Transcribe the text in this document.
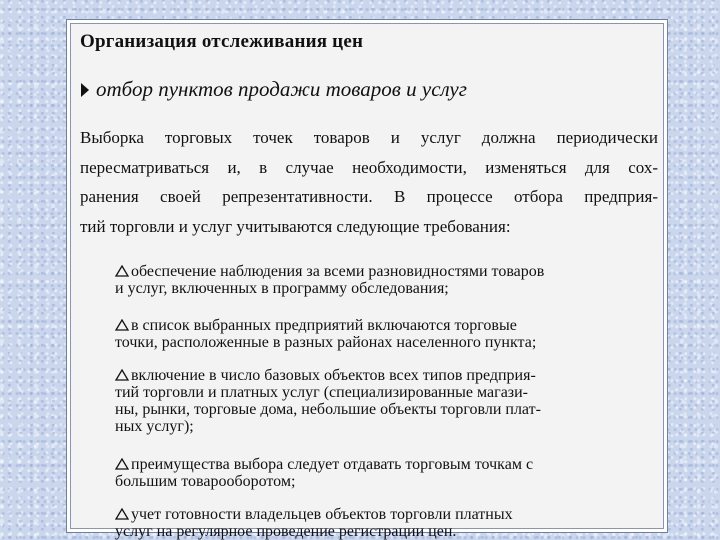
Организация отслеживания цен
отбор пунктов продажи товаров и услуг
Выборка торговых точек товаров и услуг должна периодически
пересматриваться и, в случае необходимости, изменяться для сох-
ранения своей репрезентативности. В процессе отбора предприя-
тий торговли и услуг учитываются следующие требования:
обеспечение наблюдения за всеми разновидностями товаров
и услуг, включенных в программу обследования;
в список выбранных предприятий включаются торговые
точки, расположенные в разных районах населенного пункта;
включение в число базовых объектов всех типов предприя-
тий торговли и платных услуг (специализированные магази-
ны, рынки, торговые дома, небольшие объекты торговли плат-
ных услуг);
преимущества выбора следует отдавать торговым точкам с
большим товарооборотом;
учет готовности владельцев объектов торговли платных
услуг на регулярное проведение регистрации цен.
